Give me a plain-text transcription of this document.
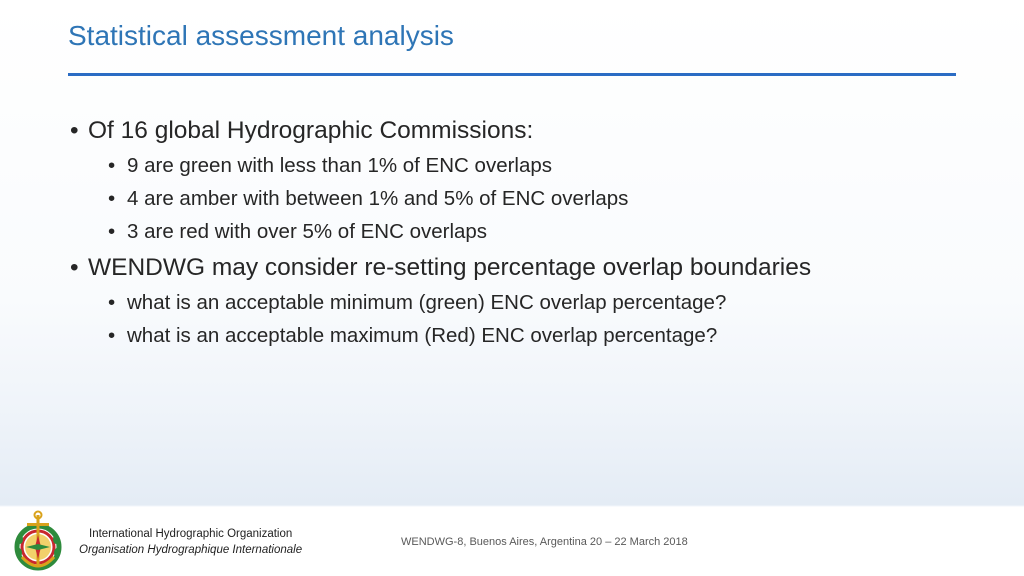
Statistical assessment analysis
• Of 16 global Hydrographic Commissions:
• 9 are green with less than 1% of ENC overlaps
• 4 are amber with between 1% and 5% of ENC overlaps
• 3 are red with over 5% of ENC overlaps
• WENDWG may consider re-setting percentage overlap boundaries
• what is an acceptable minimum (green) ENC overlap percentage?
• what is an acceptable maximum (Red) ENC overlap percentage?
International Hydrographic Organization
Organisation Hydrographique Internationale
WENDWG-8, Buenos Aires, Argentina 20 – 22 March 2018
